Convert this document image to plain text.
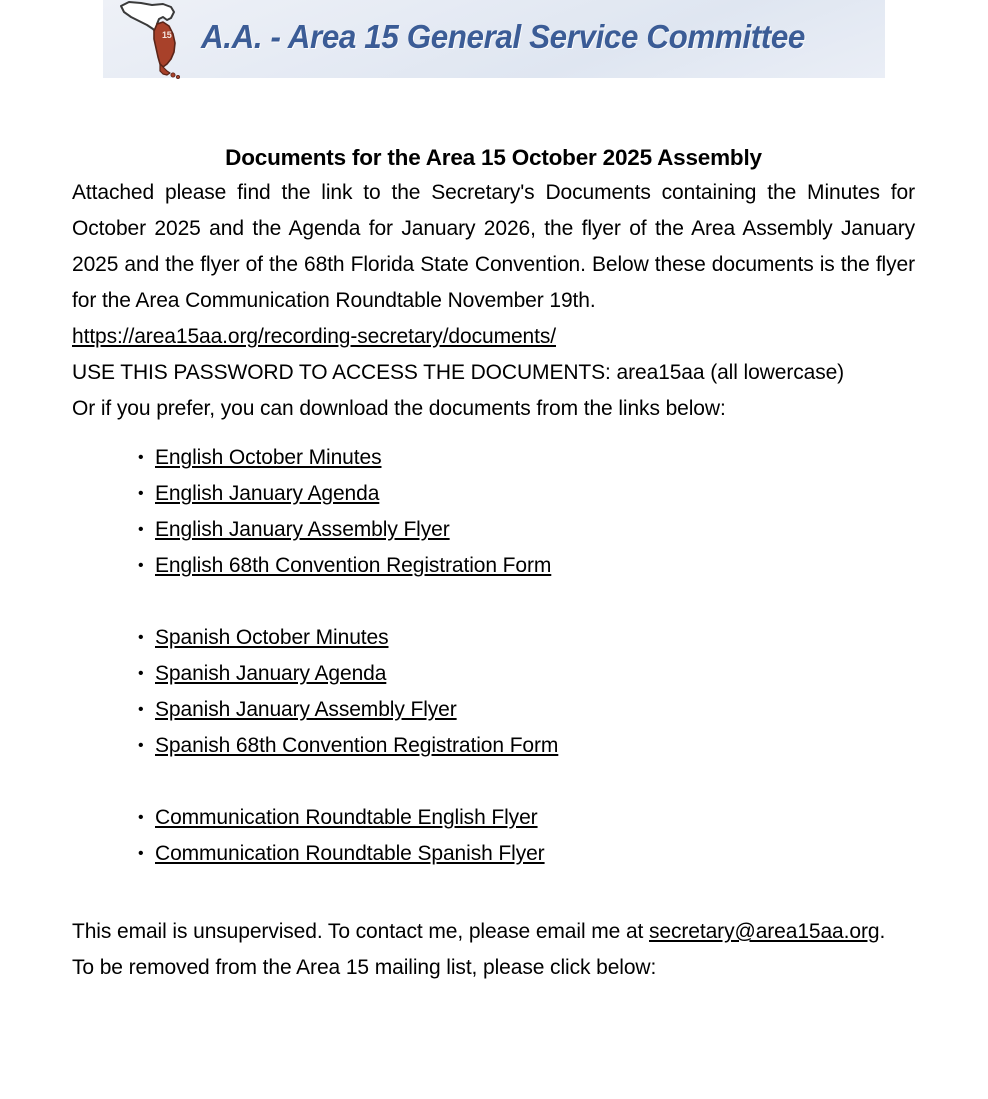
15 A.A. - Area 15 General Service Committee
Documents for the Area 15 October 2025 Assembly

Attached please find the link to the Secretary's Documents containing the Minutes for October 2025 and the Agenda for January 2026, the flyer of the Area Assembly January 2025 and the flyer of the 68th Florida State Convention. Below these documents is the flyer for the Area Communication Roundtable November 19th.

https://area15aa.org/recording-secretary/documents/

USE THIS PASSWORD TO ACCESS THE DOCUMENTS: area15aa (all lowercase)

Or if you prefer, you can download the documents from the links below:

• English October Minutes
• English January Agenda
• English January Assembly Flyer
• English 68th Convention Registration Form
• Spanish October Minutes
• Spanish January Agenda
• Spanish January Assembly Flyer
• Spanish 68th Convention Registration Form
• Communication Roundtable English Flyer
• Communication Roundtable Spanish Flyer

This email is unsupervised. To contact me, please email me at secretary@area15aa.org.

To be removed from the Area 15 mailing list, please click below:
